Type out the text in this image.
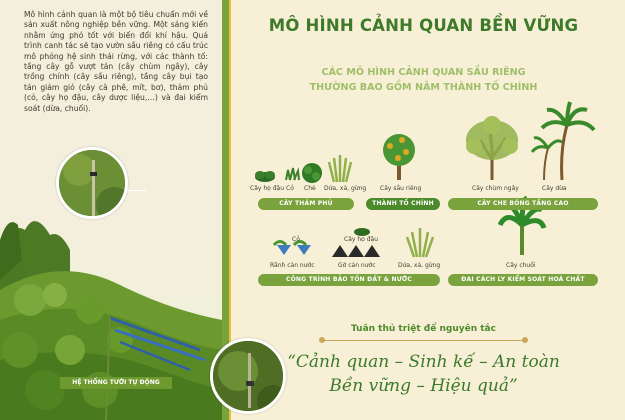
Mô hình cảnh quan là một bộ tiêu chuẩn mới về sản xuất nông nghiệp bền vững. Một sáng kiến nhằm ứng phó tốt với biến đổi khí hậu. Quá trình canh tác sẽ tạo vườn sầu riêng có cấu trúc mô phỏng hệ sinh thái rừng, với các thành tố: tầng cây gỗ vượt tán (cây chùm ngây), cây trồng chính (cây sầu riêng), tầng cây bụi tạo tán giảm gió (cây cà phê, mít, bơ), thảm phủ (cỏ, cây họ đậu, cây dược liệu,…) và đai kiểm soát (dừa, chuối).

HỆ THỐNG TƯỚI TỰ ĐỘNG
MÔ HÌNH CẢNH QUAN BỀN VỮNG
CÁC MÔ HÌNH CẢNH QUAN SẦU RIÊNG
THƯỜNG BAO GỒM NĂM THÀNH TỐ CHÍNH
Cây họ đậu Cỏ Chè Dứa, xả, gừng Cây sầu riêng	Cây chùm ngây	Cây dừa
CÂY THẢM PHỦ	THÀNH TỐ CHÍNH	CÂY CHE BÓNG TẦNG CAO
Cỏ	Cây họ đậu
Rãnh cản nước	Gờ cản nước	Dứa, xả, gừng	Cây chuối
CÔNG TRÌNH BẢO TỒN ĐẤT & NƯỚC	ĐAI CÁCH LY KIỂM SOÁT HOÁ CHẤT
Tuân thủ triệt để nguyên tắc
“Cảnh quan – Sinh kế – An toàn
Bền vững – Hiệu quả”
